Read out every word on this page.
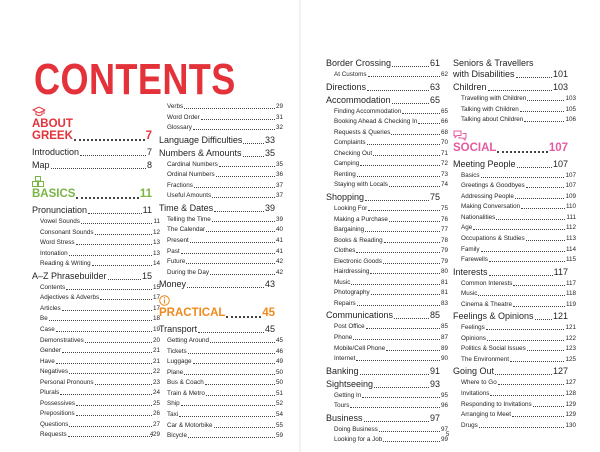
CONTENTS
ABOUT
GREEK	7
Introduction	7
Map	8
BASICS	11
Pronunciation	11
Vowel Sounds	11
Consonant Sounds	12
Word Stress	13
Intonation	13
Reading & Writing	14
A–Z Phrasebuilder	15
Contents	15
Adjectives & Adverbs	17
Articles	17
Be	18
Case	19
Demonstratives	20
Gender	21
Have	21
Negatives	22
Personal Pronouns	23
Plurals	24
Possessives	25
Prepositions	26
Questions	27
Requests	29
Verbs	29
Word Order	31
Glossary	32
Language Difficulties	33
Numbers & Amounts	35
Cardinal Numbers	35
Ordinal Numbers	36
Fractions	37
Useful Amounts	37
Time & Dates	39
Telling the Time	39
The Calendar	40
Present	41
Past	41
Future	42
During the Day	42
Money	43
PRACTICAL	45
Transport	45
Getting Around	45
Tickets	46
Luggage	49
Plane	50
Bus & Coach	50
Train & Metro	51
Ship	52
Taxi	54
Car & Motorbike	55
Bicycle	59
Border Crossing	61
At Customs	62
Directions	63
Accommodation	65
Finding Accommodation	65
Booking Ahead & Checking In	66
Requests & Queries	68
Complaints	70
Checking Out	71
Camping	72
Renting	73
Staying with Locals	74
Shopping	75
Looking For	75
Making a Purchase	76
Bargaining	77
Books & Reading	78
Clothes	79
Electronic Goods	79
Hairdressing	80
Music	81
Photography	81
Repairs	83
Communications	85
Post Office	85
Phone	87
Mobile/Cell Phone	89
Internet	90
Banking	91
Sightseeing	93
Getting In	95
Tours	96
Business	97
Doing Business	97
Looking for a Job	99
Seniors & Travellers
with Disabilities	101
Children	103
Travelling with Children	103
Talking with Children	105
Talking about Children	106
SOCIAL	107
Meeting People	107
Basics	107
Greetings & Goodbyes	107
Addressing People	109
Making Conversation	110
Nationalities	111
Age	112
Occupations & Studies	113
Family	114
Farewells	115
Interests	117
Common Interests	117
Music	118
Cinema & Theatre	119
Feelings & Opinions 121
Feelings	121
Opinions	122
Politics & Social Issues	123
The Environment	125
Going Out	127
Where to Go	127
Invitations	128
Responding to Invitations	129
Arranging to Meet	129
Drugs	130
4	5
